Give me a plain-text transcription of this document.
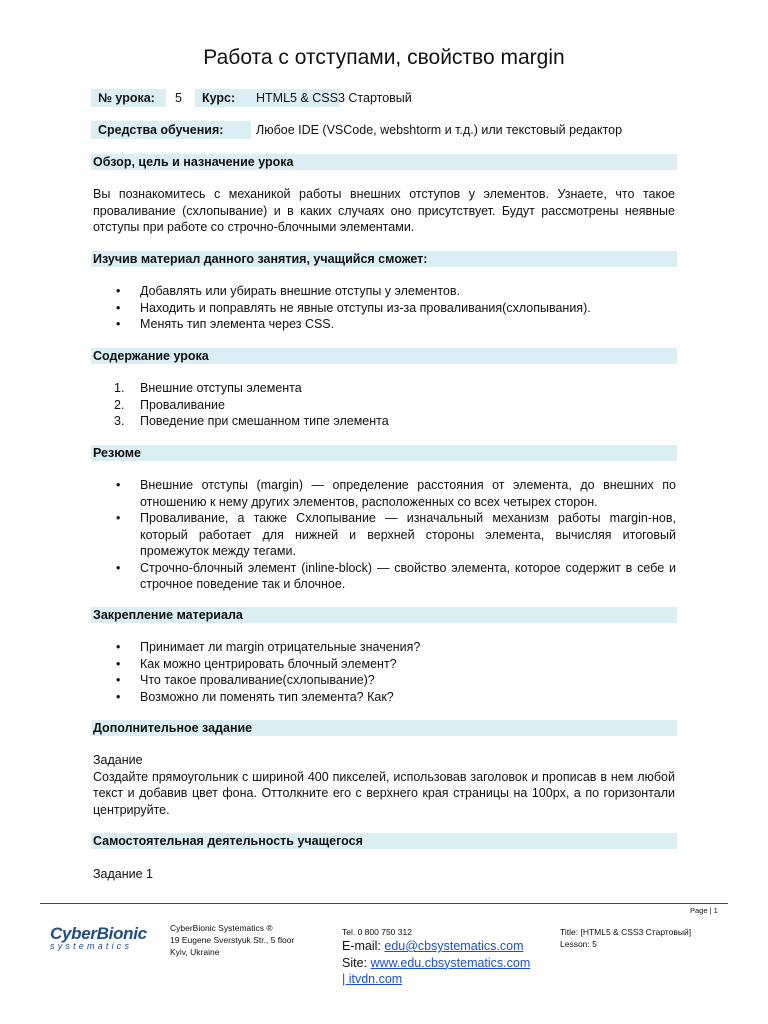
Работа с отступами, свойство margin
№ урока:	5	Курс:	HTML5 & CSS3 Стартовый
Средства обучения:	Любое IDE (VSCode, webshtorm и т.д.) или текстовый редактор
Обзор, цель и назначение урока
Вы познакомитесь с механикой работы внешних отступов у элементов. Узнаете, что такое проваливание (схлопывание) и в каких случаях оно присутствует. Будут рассмотрены неявные отступы при работе со строчно-блочными элементами.
Изучив материал данного занятия, учащийся сможет:
• Добавлять или убирать внешние отступы у элементов.
• Находить и поправлять не явные отступы из-за проваливания(схлопывания).
• Менять тип элемента через CSS.
Содержание урока
1. Внешние отступы элемента
2. Проваливание
3. Поведение при смешанном типе элемента
Резюме
• Внешние отступы (margin) — определение расстояния от элемента, до внешних по отношению к нему других элементов, расположенных со всех четырех сторон.
• Проваливание, а также Схлопывание — изначальный механизм работы margin-нов, который работает для нижней и верхней стороны элемента, вычисляя итоговый промежуток между тегами.
• Строчно-блочный элемент (inline-block) — свойство элемента, которое содержит в себе и строчное поведение так и блочное.
Закрепление материала
• Принимает ли margin отрицательные значения?
• Как можно центрировать блочный элемент?
• Что такое проваливание(схлопывание)?
• Возможно ли поменять тип элемента? Как?
Дополнительное задание
Задание
Создайте прямоугольник с шириной 400 пикселей, использовав заголовок и прописав в нем любой текст и добавив цвет фона. Оттолкните его с верхнего края страницы на 100px, а по горизонтали центрируйте.
Самостоятельная деятельность учащегося
Задание 1
Page | 1
CyberBionic
systematics
CyberBionic Systematics ®
19 Eugene Sverstyuk Str., 5 floor
Kyiv, Ukraine
Tel. 0 800 750 312
E-mail: edu@cbsystematics.com
Site: www.edu.cbsystematics.com
| itvdn.com
Title: [HTML5 & CSS3 Стартовый]
Lesson: 5
